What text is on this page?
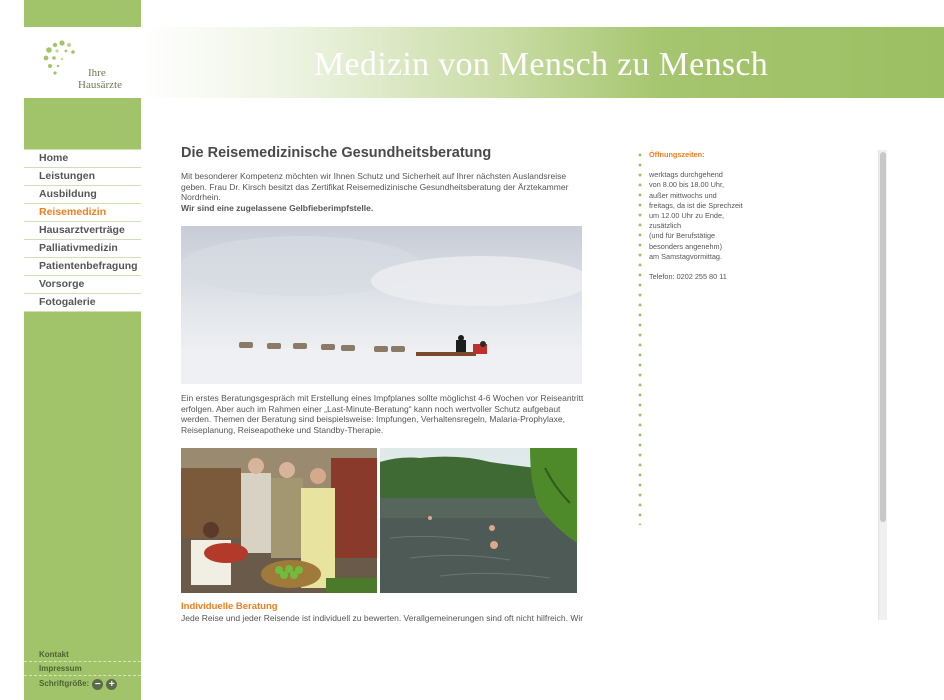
Ihre
Hausärzte
Medizin von Mensch zu Mensch
Home
Leistungen
Ausbildung
Reisemedizin
Hausarztverträge
Palliativmedizin
Patientenbefragung
Vorsorge
Fotogalerie
Kontakt
Impressum
Schriftgröße: − +
Die Reisemedizinische Gesundheitsberatung

Mit besonderer Kompetenz möchten wir Ihnen Schutz und Sicherheit auf Ihrer nächsten Auslandsreise geben. Frau Dr. Kirsch besitzt das Zertifikat Reisemedizinische Gesundheitsberatung der Ärztekammer Nordrhein.

Wir sind eine zugelassene Gelbfieberimpfstelle.

Ein erstes Beratungsgespräch mit Erstellung eines Impfplanes sollte möglichst 4-6 Wochen vor Reiseantritt erfolgen. Aber auch im Rahmen einer „Last-Minute-Beratung“ kann noch wertvoller Schutz aufgebaut werden. Themen der Beratung sind beispielsweise: Impfungen, Verhaltensregeln, Malaria-Prophylaxe, Reiseplanung, Reiseapotheke und Standby-Therapie.

Individuelle Beratung
Jede Reise und jeder Reisende ist individuell zu bewerten. Verallgemeinerungen sind oft nicht hilfreich. Wir
Öffnungszeiten:
werktags durchgehend
von 8.00 bis 18.00 Uhr,
außer mittwochs und
freitags, da ist die Sprechzeit
um 12.00 Uhr zu Ende,
zusätzlich
(und für Berufstätige
besonders angenehm)
am Samstagvormittag.
Telefon: 0202 255 80 11
